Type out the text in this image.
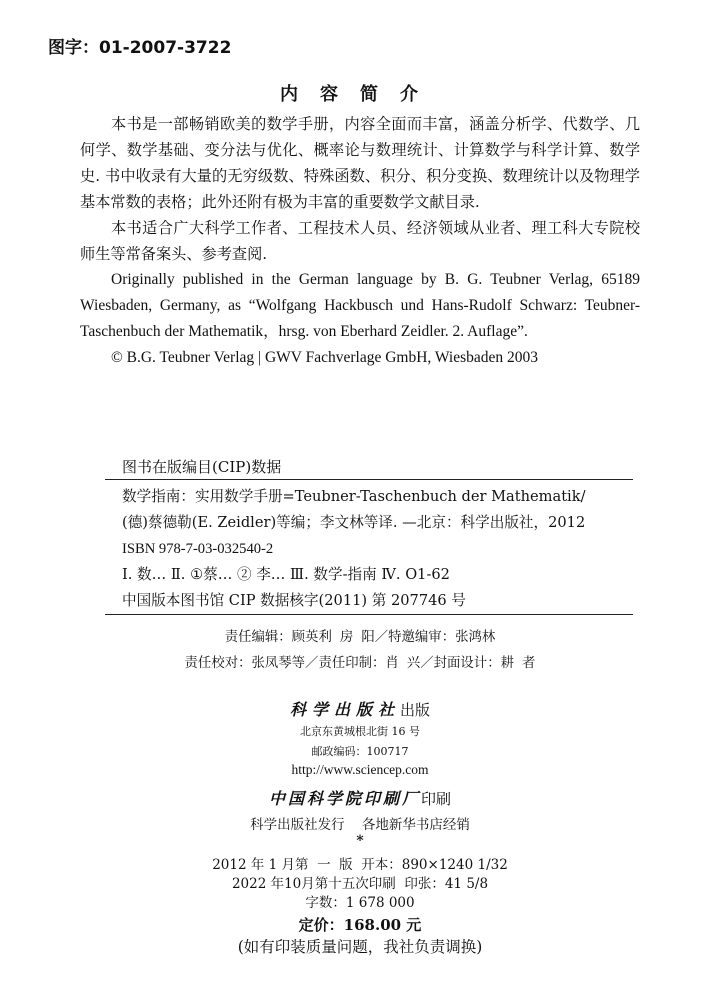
图字：01-2007-3722
内容简介

本书是一部畅销欧美的数学手册，内容全面而丰富，涵盖分析学、代数学、几何学、数学基础、变分法与优化、概率论与数理统计、计算数学与科学计算、数学史. 书中收录有大量的无穷级数、特殊函数、积分、积分变换、数理统计以及物理学基本常数的表格；此外还附有极为丰富的重要数学文献目录.

本书适合广大科学工作者、工程技术人员、经济领域从业者、理工科大专院校师生等常备案头、参考查阅.

Originally published in the German language by B. G. Teubner Verlag, 65189 Wiesbaden, Germany, as “Wolfgang Hackbusch und Hans-Rudolf Schwarz: Teubner-Taschenbuch der Mathematik，hrsg. von Eberhard Zeidler. 2. Auflage”.

© B.G. Teubner Verlag | GWV Fachverlage GmbH, Wiesbaden 2003

图书在版编目(CIP)数据
数学指南：实用数学手册=Teubner-Taschenbuch der Mathematik/
(德)蔡德勒(E. Zeidler)等编；李文林等译. —北京：科学出版社，2012
ISBN 978-7-03-032540-2
Ⅰ. 数… Ⅱ. ①蔡… ② 李… Ⅲ. 数学-指南 Ⅳ. O1-62
中国版本图书馆 CIP 数据核字(2011) 第 207746 号
责任编辑：顾英利 房 阳／特邀编审：张鸿林
责任校对：张凤琴等／责任印制：肖 兴／封面设计：耕 者
科学出版社出版
北京东黄城根北街 16 号
邮政编码：100717
http://www.sciencep.com
中国科学院印刷厂印刷
科学出版社发行    各地新华书店经销
*
2012 年 1 月第  一  版  开本：890×1240 1/32
2022 年10月第十五次印刷  印张：41 5/8
字数：1 678 000
定价：168.00 元
(如有印装质量问题，我社负责调换)
